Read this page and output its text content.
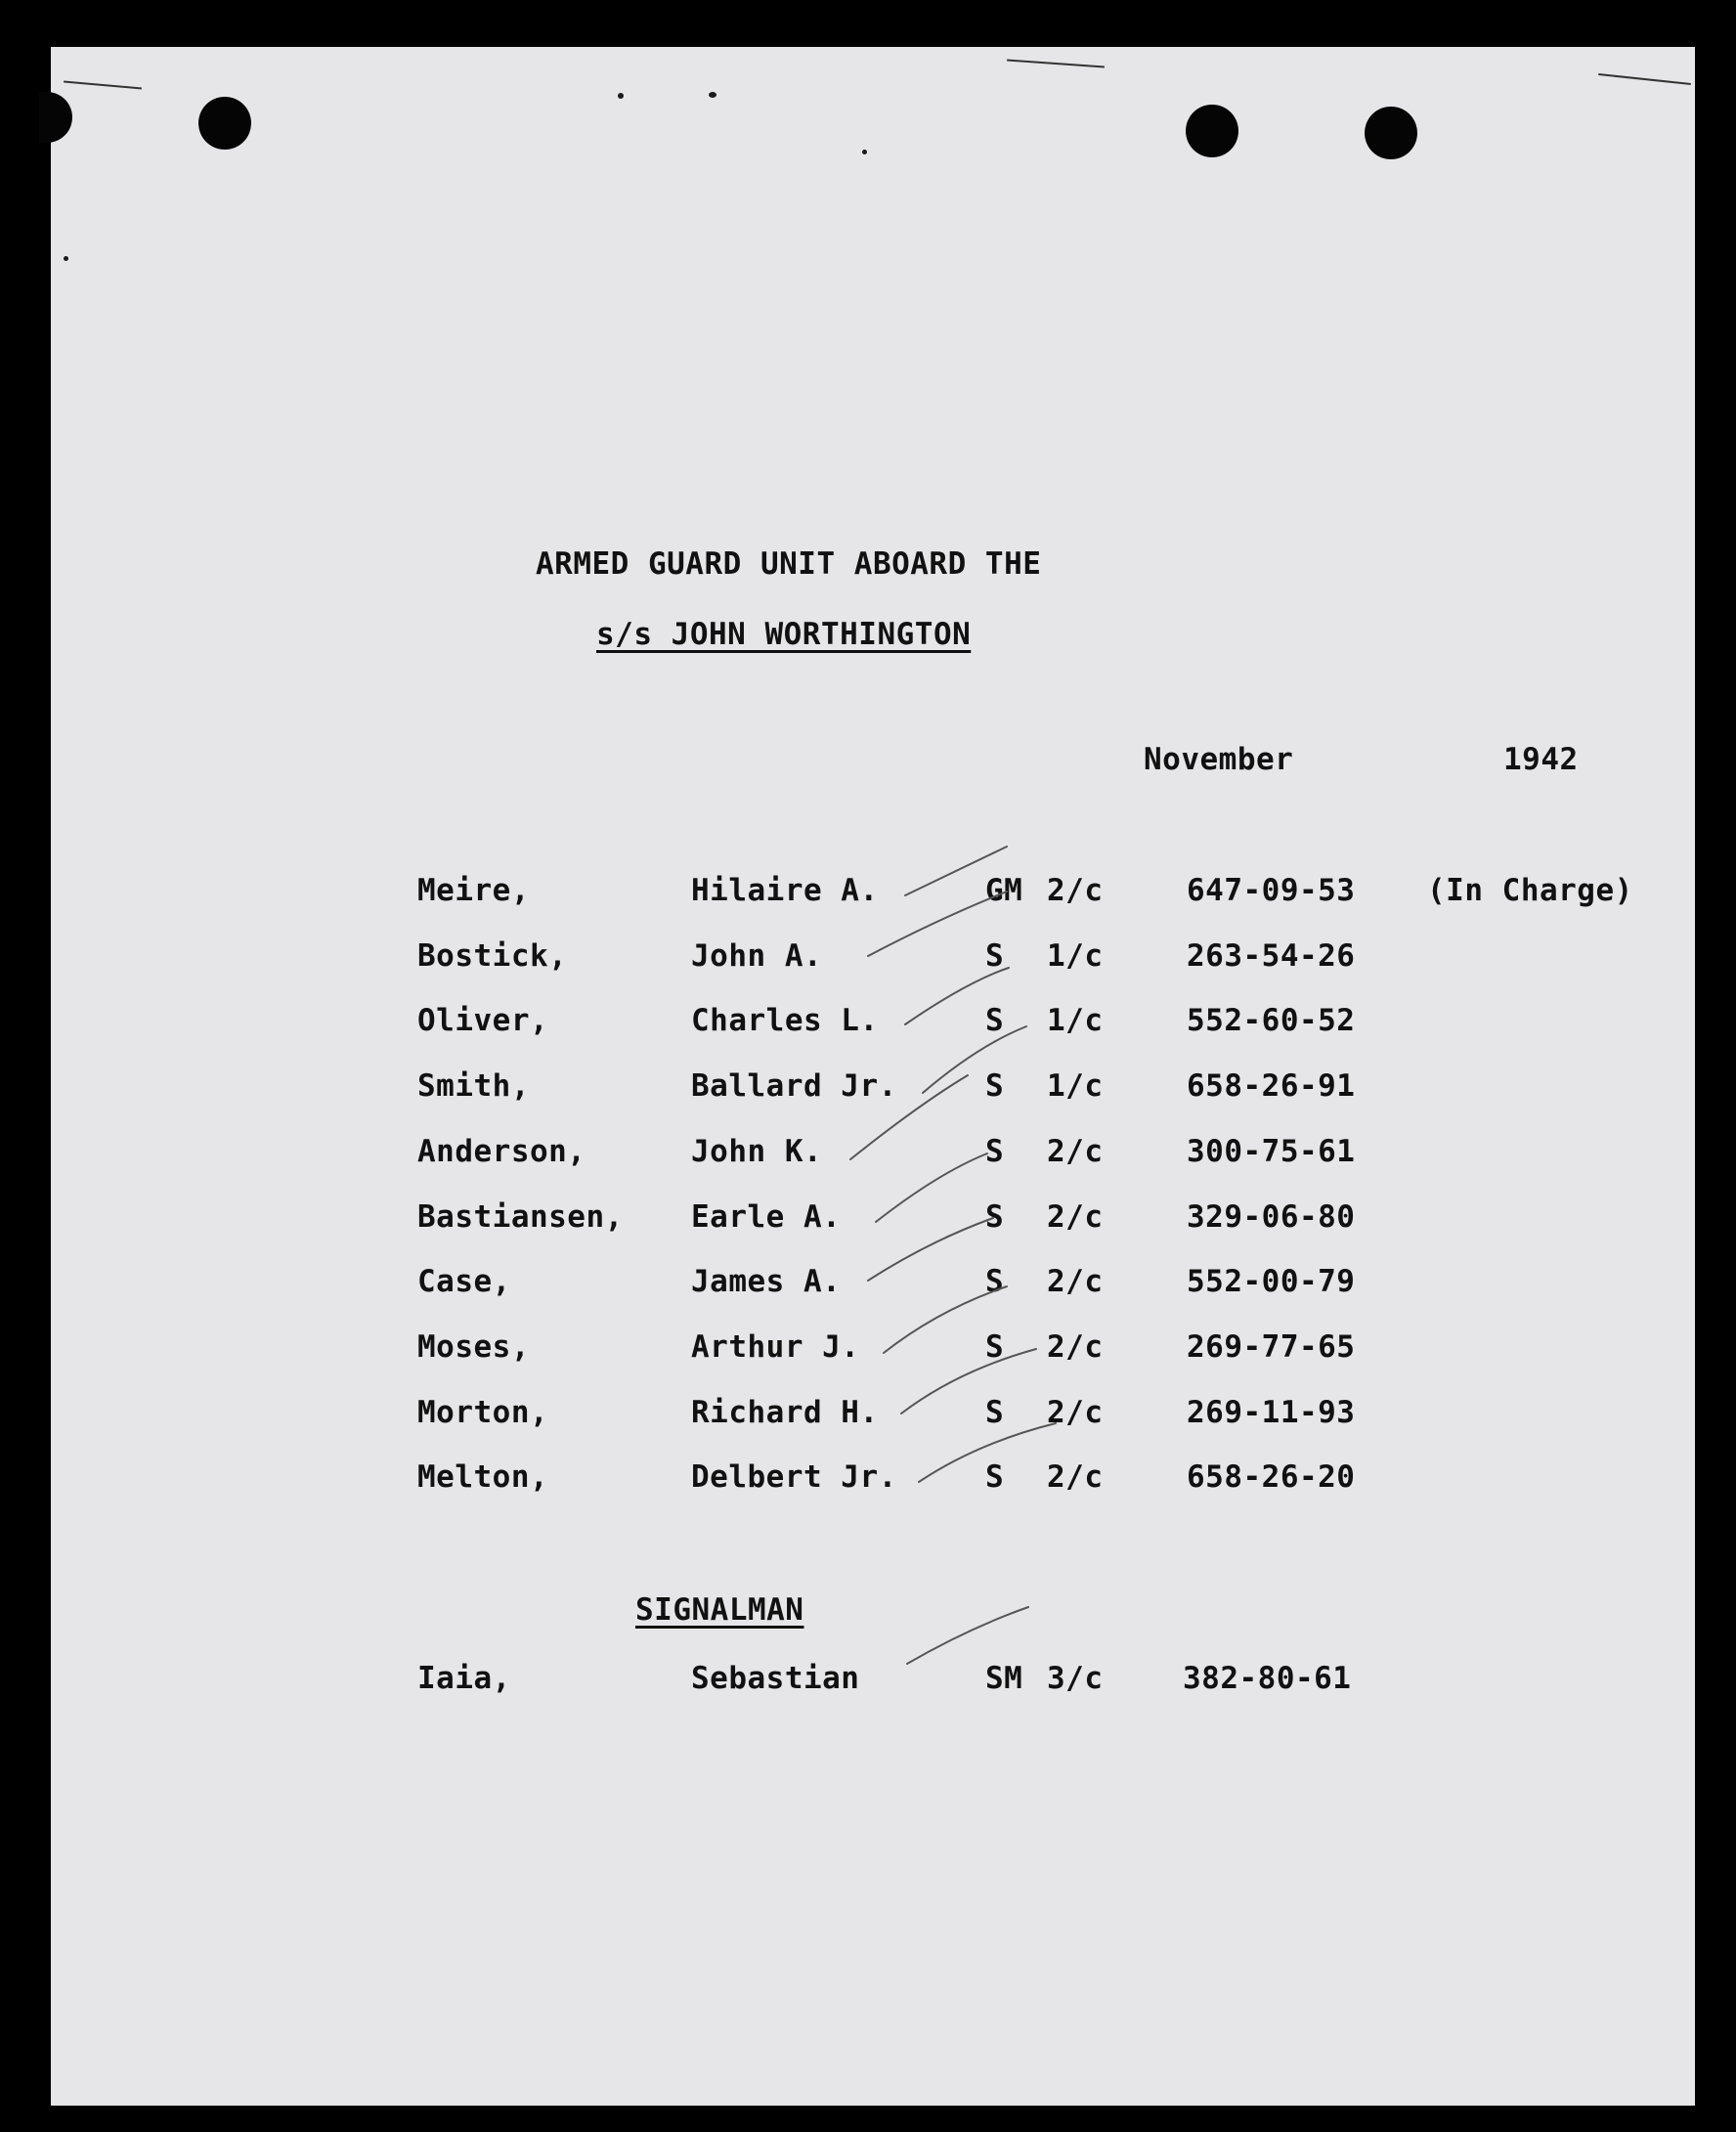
ARMED GUARD UNIT ABOARD THE
s/s JOHN WORTHINGTON
November	1942
Meire,	Hilaire A.	GM 2/c	647-09-53 (In Charge)
Bostick,	John A.	S 1/c	263-54-26
Oliver,	Charles L.	S 1/c	552-60-52
Smith,	Ballard Jr.	S 1/c	658-26-91
Anderson,	John K.	S 2/c	300-75-61
Bastiansen, Earle A.	S 2/c	329-06-80
Case,	James A.	S 2/c	552-00-79
Moses,	Arthur J.	S 2/c	269-77-65
Morton,	Richard H.	S 2/c	269-11-93
Melton,	Delbert Jr.	S 2/c	658-26-20
SIGNALMAN
Iaia,	Sebastian	SM 3/c	382-80-61
